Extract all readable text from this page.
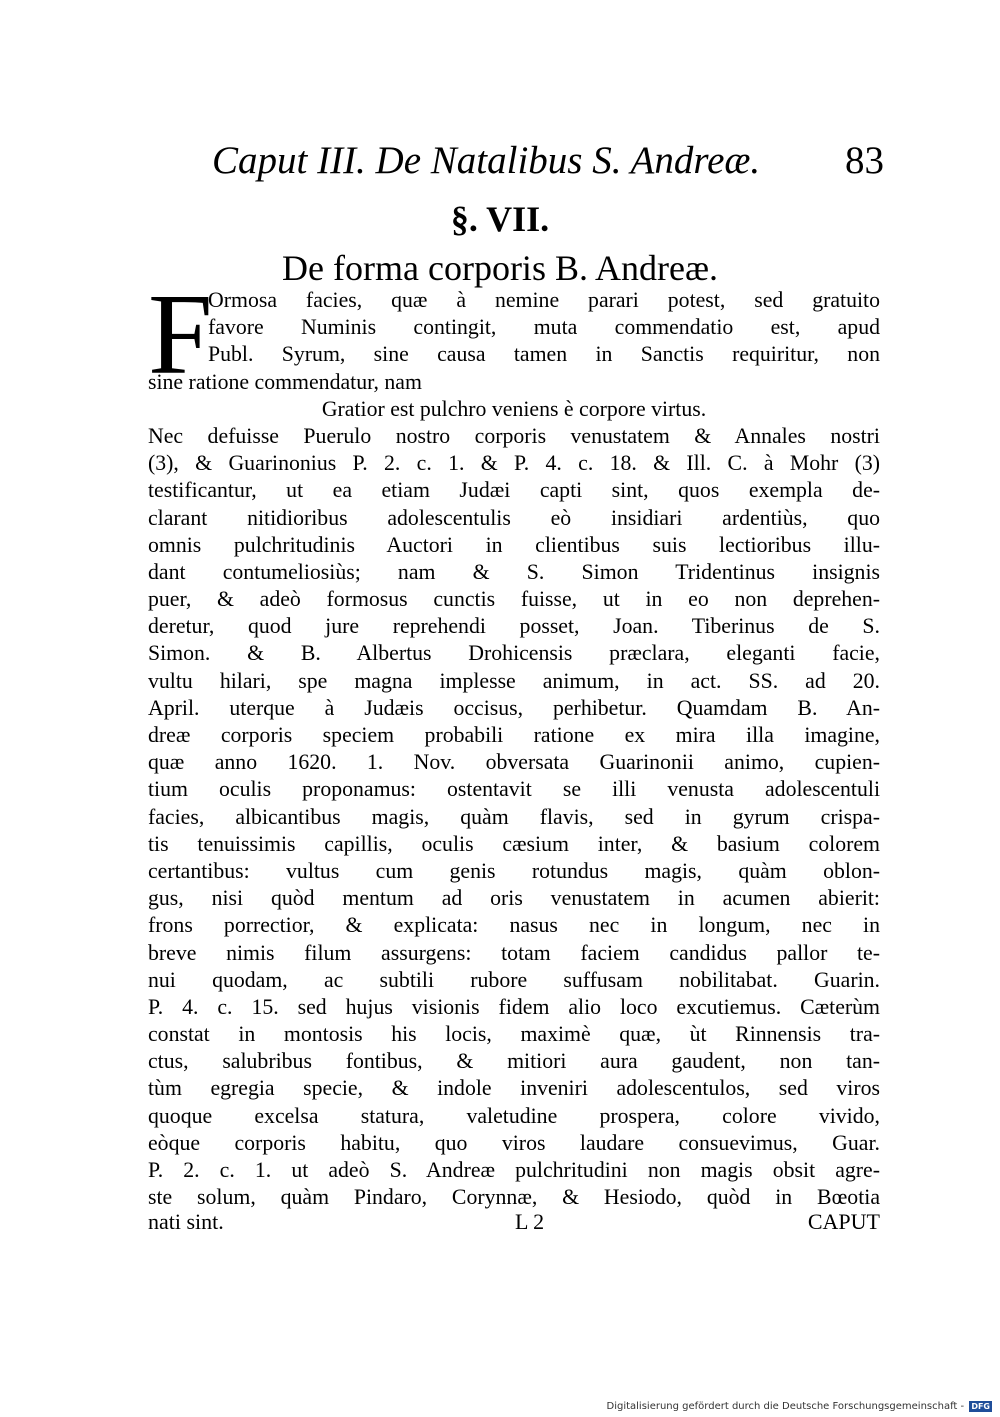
Caput III. De Natalibus S. Andreæ. 83
§. VII.
De forma corporis B. Andreæ.
F
Ormosa facies, quæ à nemine parari potest, sed gratuito
favore Numinis contingit, muta commendatio est, apud
Publ. Syrum, sine causa tamen in Sanctis requiritur, non
sine ratione commendatur, nam
Gratior est pulchro veniens è corpore virtus.
Nec defuisse Puerulo nostro corporis venustatem & Annales nostri
(3), & Guarinonius P. 2. c. 1. & P. 4. c. 18. & Ill. C. à Mohr (3)
testificantur, ut ea etiam Judæi capti sint, quos exempla de-
clarant nitidioribus adolescentulis eò insidiari ardentiùs, quo
omnis pulchritudinis Auctori in clientibus suis lectioribus illu-
dant contumeliosiùs; nam & S. Simon Tridentinus insignis
puer, & adeò formosus cunctis fuisse, ut in eo non deprehen-
deretur, quod jure reprehendi posset, Joan. Tiberinus de S.
Simon. & B. Albertus Drohicensis præclara, eleganti facie,
vultu hilari, spe magna implesse animum, in act. SS. ad 20.
April. uterque à Judæis occisus, perhibetur. Quamdam B. An-
dreæ corporis speciem probabili ratione ex mira illa imagine,
quæ anno 1620. 1. Nov. obversata Guarinonii animo, cupien-
tium oculis proponamus: ostentavit se illi venusta adolescentuli
facies, albicantibus magis, quàm flavis, sed in gyrum crispa-
tis tenuissimis capillis, oculis cæsium inter, & basium colorem
certantibus: vultus cum genis rotundus magis, quàm oblon-
gus, nisi quòd mentum ad oris venustatem in acumen abierit:
frons porrectior, & explicata: nasus nec in longum, nec in
breve nimis filum assurgens: totam faciem candidus pallor te-
nui quodam, ac subtili rubore suffusam nobilitabat. Guarin.
P. 4. c. 15. sed hujus visionis fidem alio loco excutiemus. Cæterùm
constat in montosis his locis, maximè quæ, ùt Rinnensis tra-
ctus, salubribus fontibus, & mitiori aura gaudent, non tan-
tùm egregia specie, & indole inveniri adolescentulos, sed viros
quoque excelsa statura, valetudine prospera, colore vivido,
eòque corporis habitu, quo viros laudare consuevimus, Guar.
P. 2. c. 1. ut adeò S. Andreæ pulchritudini non magis obsit agre-
ste solum, quàm Pindaro, Corynnæ, & Hesiodo, quòd in Bœotia
nati sint.	L 2	CAPUT
Digitalisierung gefördert durch die Deutsche Forschungsgemeinschaft - DFG
